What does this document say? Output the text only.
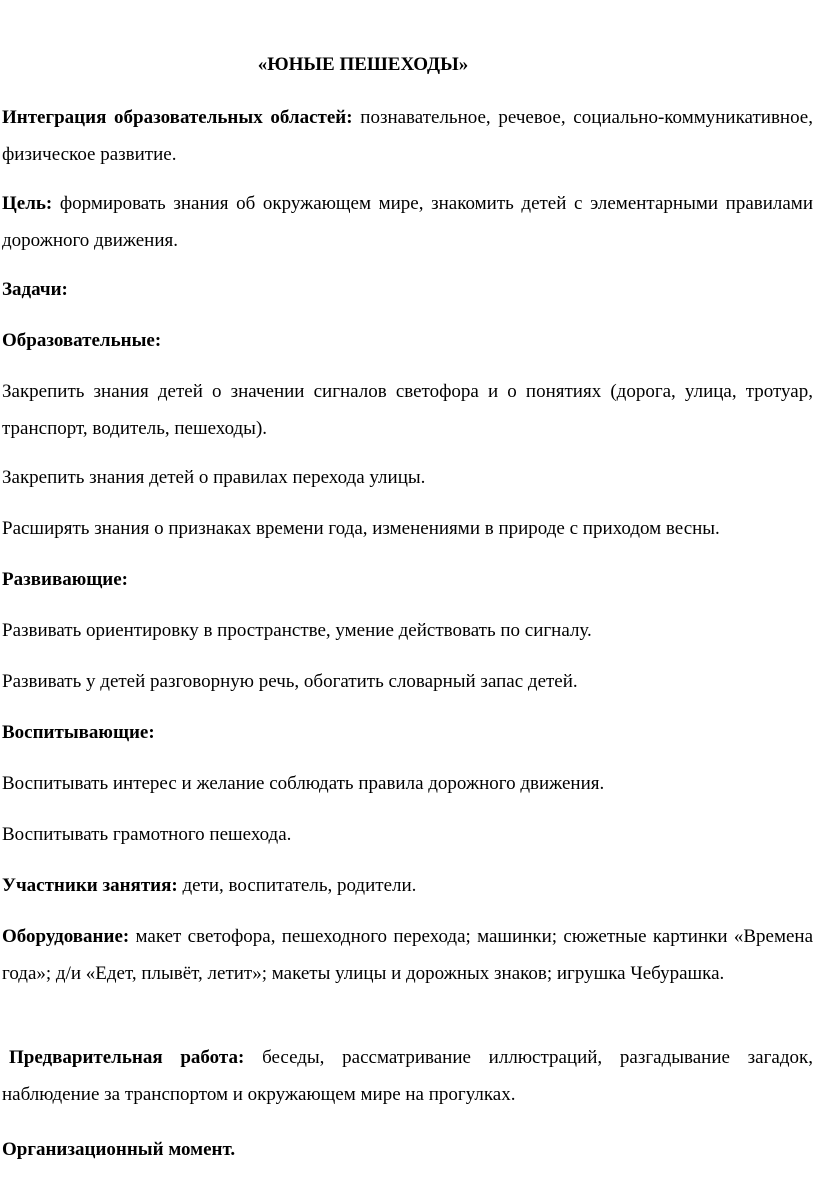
«ЮНЫЕ ПЕШЕХОДЫ»

Интеграция образовательных областей: познавательное, речевое, социально-коммуникативное, физическое развитие.

Цель: формировать знания об окружающем мире, знакомить детей с элементарными правилами дорожного движения.

Задачи:

Образовательные:

Закрепить знания детей о значении сигналов светофора и о понятиях (дорога, улица, тротуар, транспорт, водитель, пешеходы).

Закрепить знания детей о правилах перехода улицы.

Расширять знания о признаках времени года, изменениями в природе с приходом весны.

Развивающие:

Развивать ориентировку в пространстве, умение действовать по сигналу.

Развивать у детей разговорную речь, обогатить словарный запас детей.

Воспитывающие:

Воспитывать интерес и желание соблюдать правила дорожного движения.

Воспитывать грамотного пешехода.

Участники занятия: дети, воспитатель, родители.

Оборудование: макет светофора, пешеходного перехода; машинки; сюжетные картинки «Времена года»; д/и «Едет, плывёт, летит»; макеты улицы и дорожных знаков; игрушка Чебурашка.

Предварительная работа: беседы, рассматривание иллюстраций, разгадывание загадок, наблюдение за транспортом и окружающем мире на прогулках.

Организационный момент.
